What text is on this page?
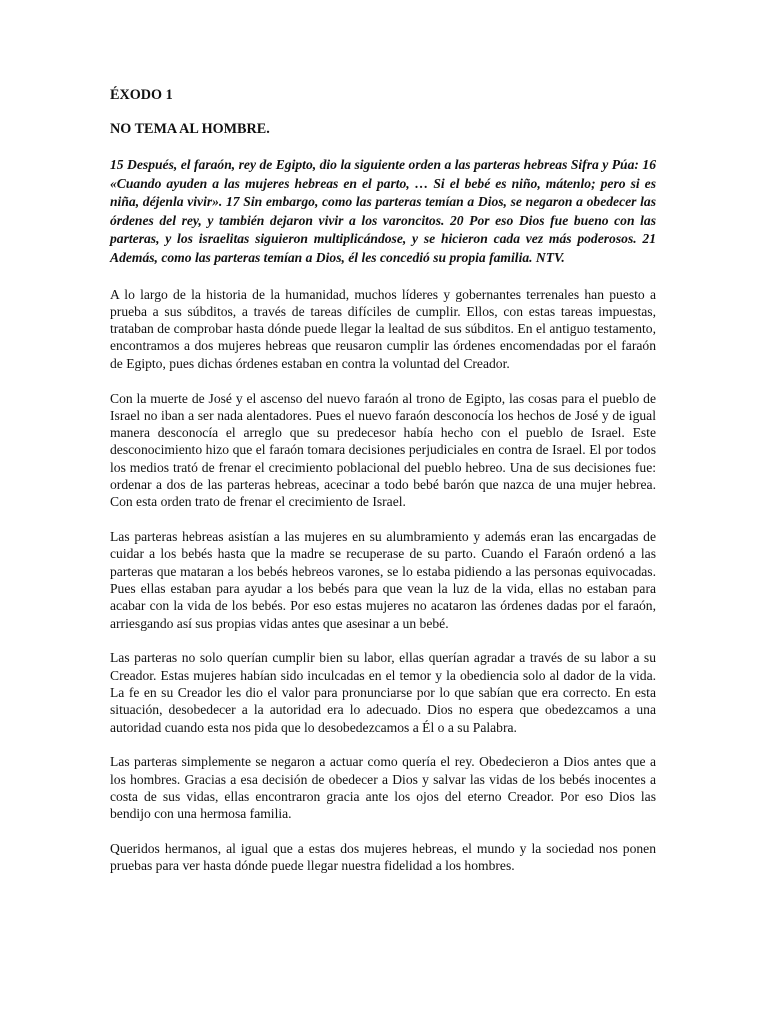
ÉXODO 1

NO TEMA AL HOMBRE.

15 Después, el faraón, rey de Egipto, dio la siguiente orden a las parteras hebreas Sifra y Púa: 16 «Cuando ayuden a las mujeres hebreas en el parto, … Si el bebé es niño, mátenlo; pero si es niña, déjenla vivir». 17 Sin embargo, como las parteras temían a Dios, se negaron a obedecer las órdenes del rey, y también dejaron vivir a los varoncitos. 20 Por eso Dios fue bueno con las parteras, y los israelitas siguieron multiplicándose, y se hicieron cada vez más poderosos. 21 Además, como las parteras temían a Dios, él les concedió su propia familia. NTV.

A lo largo de la historia de la humanidad, muchos líderes y gobernantes terrenales han puesto a prueba a sus súbditos, a través de tareas difíciles de cumplir. Ellos, con estas tareas impuestas, trataban de comprobar hasta dónde puede llegar la lealtad de sus súbditos. En el antiguo testamento, encontramos a dos mujeres hebreas que reusaron cumplir las órdenes encomendadas por el faraón de Egipto, pues dichas órdenes estaban en contra la voluntad del Creador.

Con la muerte de José y el ascenso del nuevo faraón al trono de Egipto, las cosas para el pueblo de Israel no iban a ser nada alentadores. Pues el nuevo faraón desconocía los hechos de José y de igual manera desconocía el arreglo que su predecesor había hecho con el pueblo de Israel. Este desconocimiento hizo que el faraón tomara decisiones perjudiciales en contra de Israel. El por todos los medios trató de frenar el crecimiento poblacional del pueblo hebreo. Una de sus decisiones fue: ordenar a dos de las parteras hebreas, acecinar a todo bebé barón que nazca de una mujer hebrea. Con esta orden trato de frenar el crecimiento de Israel.

Las parteras hebreas asistían a las mujeres en su alumbramiento y además eran las encargadas de cuidar a los bebés hasta que la madre se recuperase de su parto. Cuando el Faraón ordenó a las parteras que mataran a los bebés hebreos varones, se lo estaba pidiendo a las personas equivocadas. Pues ellas estaban para ayudar a los bebés para que vean la luz de la vida, ellas no estaban para acabar con la vida de los bebés. Por eso estas mujeres no acataron las órdenes dadas por el faraón, arriesgando así sus propias vidas antes que asesinar a un bebé.

Las parteras no solo querían cumplir bien su labor, ellas querían agradar a través de su labor a su Creador. Estas mujeres habían sido inculcadas en el temor y la obediencia solo al dador de la vida. La fe en su Creador les dio el valor para pronunciarse por lo que sabían que era correcto. En esta situación, desobedecer a la autoridad era lo adecuado. Dios no espera que obedezcamos a una autoridad cuando esta nos pida que lo desobedezcamos a Él o a su Palabra.

Las parteras simplemente se negaron a actuar como quería el rey. Obedecieron a Dios antes que a los hombres. Gracias a esa decisión de obedecer a Dios y salvar las vidas de los bebés inocentes a costa de sus vidas, ellas encontraron gracia ante los ojos del eterno Creador. Por eso Dios las bendijo con una hermosa familia.

Queridos hermanos, al igual que a estas dos mujeres hebreas, el mundo y la sociedad nos ponen pruebas para ver hasta dónde puede llegar nuestra fidelidad a los hombres.
